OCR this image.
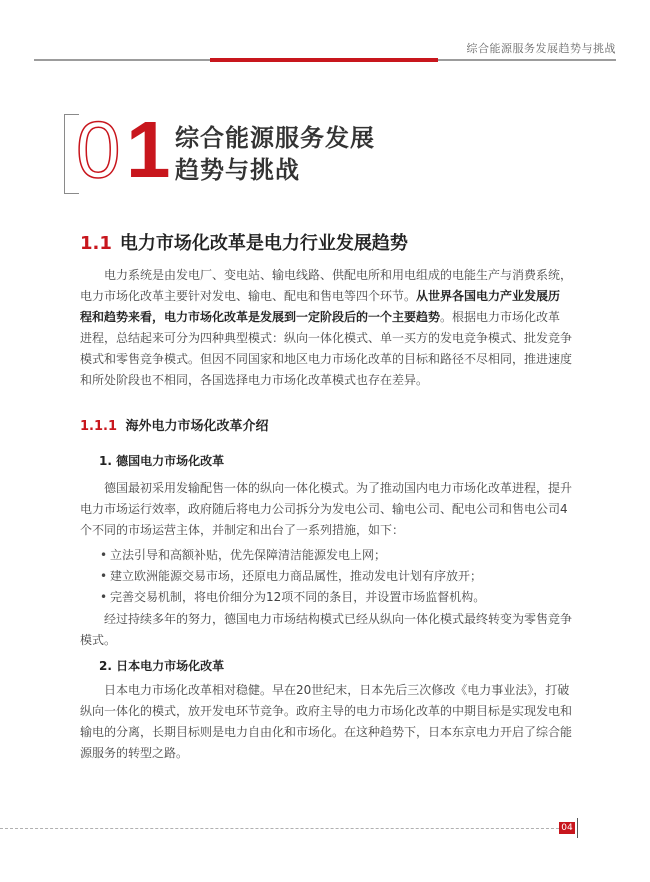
综合能源服务发展趋势与挑战
0 1 综合能源服务发展
趋势与挑战
1.1 电力市场化改革是电力行业发展趋势
电力系统是由发电厂、变电站、输电线路、供配电所和用电组成的电能生产与消费系统，电力市场化改革主要针对发电、输电、配电和售电等四个环节。从世界各国电力产业发展历程和趋势来看，电力市场化改革是发展到一定阶段后的一个主要趋势。根据电力市场化改革进程，总结起来可分为四种典型模式：纵向一体化模式、单一买方的发电竞争模式、批发竞争模式和零售竞争模式。但因不同国家和地区电力市场化改革的目标和路径不尽相同，推进速度和所处阶段也不相同，各国选择电力市场化改革模式也存在差异。
1.1.1 海外电力市场化改革介绍
1. 德国电力市场化改革
德国最初采用发输配售一体的纵向一体化模式。为了推动国内电力市场化改革进程，提升电力市场运行效率，政府随后将电力公司拆分为发电公司、输电公司、配电公司和售电公司4个不同的市场运营主体，并制定和出台了一系列措施，如下：
• 立法引导和高额补贴，优先保障清洁能源发电上网；
• 建立欧洲能源交易市场，还原电力商品属性，推动发电计划有序放开；
• 完善交易机制，将电价细分为12项不同的条目，并设置市场监督机构。
经过持续多年的努力，德国电力市场结构模式已经从纵向一体化模式最终转变为零售竞争模式。
2. 日本电力市场化改革
日本电力市场化改革相对稳健。早在20世纪末，日本先后三次修改《电力事业法》，打破纵向一体化的模式，放开发电环节竞争。政府主导的电力市场化改革的中期目标是实现发电和输电的分离，长期目标则是电力自由化和市场化。在这种趋势下，日本东京电力开启了综合能源服务的转型之路。
04
